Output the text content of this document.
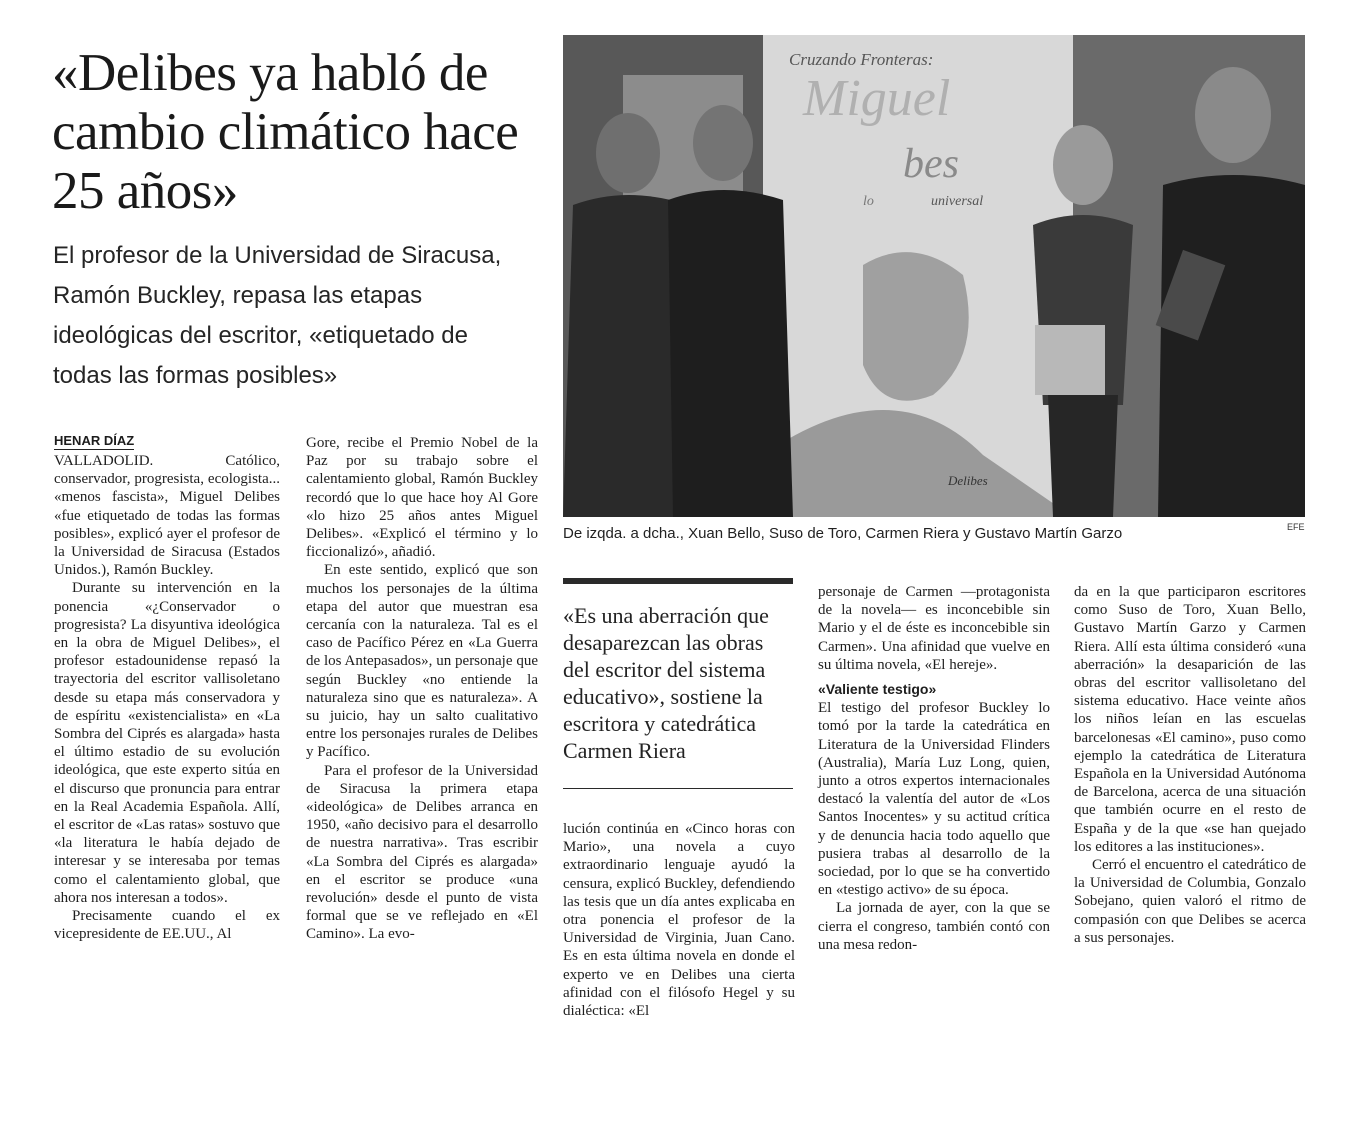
«Delibes ya habló de cambio climático hace 25 años»

El profesor de la Universidad de Siracusa, Ramón Buckley, repasa las etapas ideológicas del escritor, «etiquetado de todas las formas posibles»

HENAR DÍAZ

VALLADOLID. Católico, conservador, progresista, ecologista... «menos fascista», Miguel Delibes «fue etiquetado de todas las formas posibles», explicó ayer el profesor de la Universidad de Siracusa (Estados Unidos.), Ramón Buckley.

Durante su intervención en la ponencia «¿Conservador o progresista? La disyuntiva ideológica en la obra de Miguel Delibes», el profesor estadounidense repasó la trayectoria del escritor vallisoletano desde su etapa más conservadora y de espíritu «existencialista» en «La Sombra del Ciprés es alargada» hasta el último estadio de su evolución ideológica, que este experto sitúa en el discurso que pronuncia para entrar en la Real Academia Española. Allí, el escritor de «Las ratas» sostuvo que «la literatura le había dejado de interesar y se interesaba por temas como el calentamiento global, que ahora nos interesan a todos».

Precisamente cuando el ex vicepresidente de EE.UU., Al

Gore, recibe el Premio Nobel de la Paz por su trabajo sobre el calentamiento global, Ramón Buckley recordó que lo que hace hoy Al Gore «lo hizo 25 años antes Miguel Delibes». «Explicó el término y lo ficcionalizó», añadió.

En este sentido, explicó que son muchos los personajes de la última etapa del autor que muestran esa cercanía con la naturaleza. Tal es el caso de Pacífico Pérez en «La Guerra de los Antepasados», un personaje que según Buckley «no entiende la naturaleza sino que es naturaleza». A su juicio, hay un salto cualitativo entre los personajes rurales de Delibes y Pacífico.

Para el profesor de la Universidad de Siracusa la primera etapa «ideológica» de Delibes arranca en 1950, «año decisivo para el desarrollo de nuestra narrativa». Tras escribir «La Sombra del Ciprés es alargada» en el escritor se produce «una revolución» desde el punto de vista formal que se ve reflejado en «El Camino». La evo-

Cruzando Fronteras:
Miguel
bes
lo	universal
Delibes
De izqda. a dcha., Xuan Bello, Suso de Toro, Carmen Riera y Gustavo Martín Garzo	EFE
«Es una aberración que desaparezcan las obras del escritor del sistema educativo», sostiene la escritora y catedrática Carmen Riera

lución continúa en «Cinco horas con Mario», una novela a cuyo extraordinario lenguaje ayudó la censura, explicó Buckley, defendiendo las tesis que un día antes explicaba en otra ponencia el profesor de la Universidad de Virginia, Juan Cano. Es en esta última novela en donde el experto ve en Delibes una cierta afinidad con el filósofo Hegel y su dialéctica: «El

personaje de Carmen —protagonista de la novela— es inconcebible sin Mario y el de éste es inconcebible sin Carmen». Una afinidad que vuelve en su última novela, «El hereje».

«Valiente testigo»

El testigo del profesor Buckley lo tomó por la tarde la catedrática en Literatura de la Universidad Flinders (Australia), María Luz Long, quien, junto a otros expertos internacionales destacó la valentía del autor de «Los Santos Inocentes» y su actitud crítica y de denuncia hacia todo aquello que pusiera trabas al desarrollo de la sociedad, por lo que se ha convertido en «testigo activo» de su época.

La jornada de ayer, con la que se cierra el congreso, también contó con una mesa redon-

da en la que participaron escritores como Suso de Toro, Xuan Bello, Gustavo Martín Garzo y Carmen Riera. Allí esta última consideró «una aberración» la desaparición de las obras del escritor vallisoletano del sistema educativo. Hace veinte años los niños leían en las escuelas barcelonesas «El camino», puso como ejemplo la catedrática de Literatura Española en la Universidad Autónoma de Barcelona, acerca de una situación que también ocurre en el resto de España y de la que «se han quejado los editores a las instituciones».

Cerró el encuentro el catedrático de la Universidad de Columbia, Gonzalo Sobejano, quien valoró el ritmo de compasión con que Delibes se acerca a sus personajes.
